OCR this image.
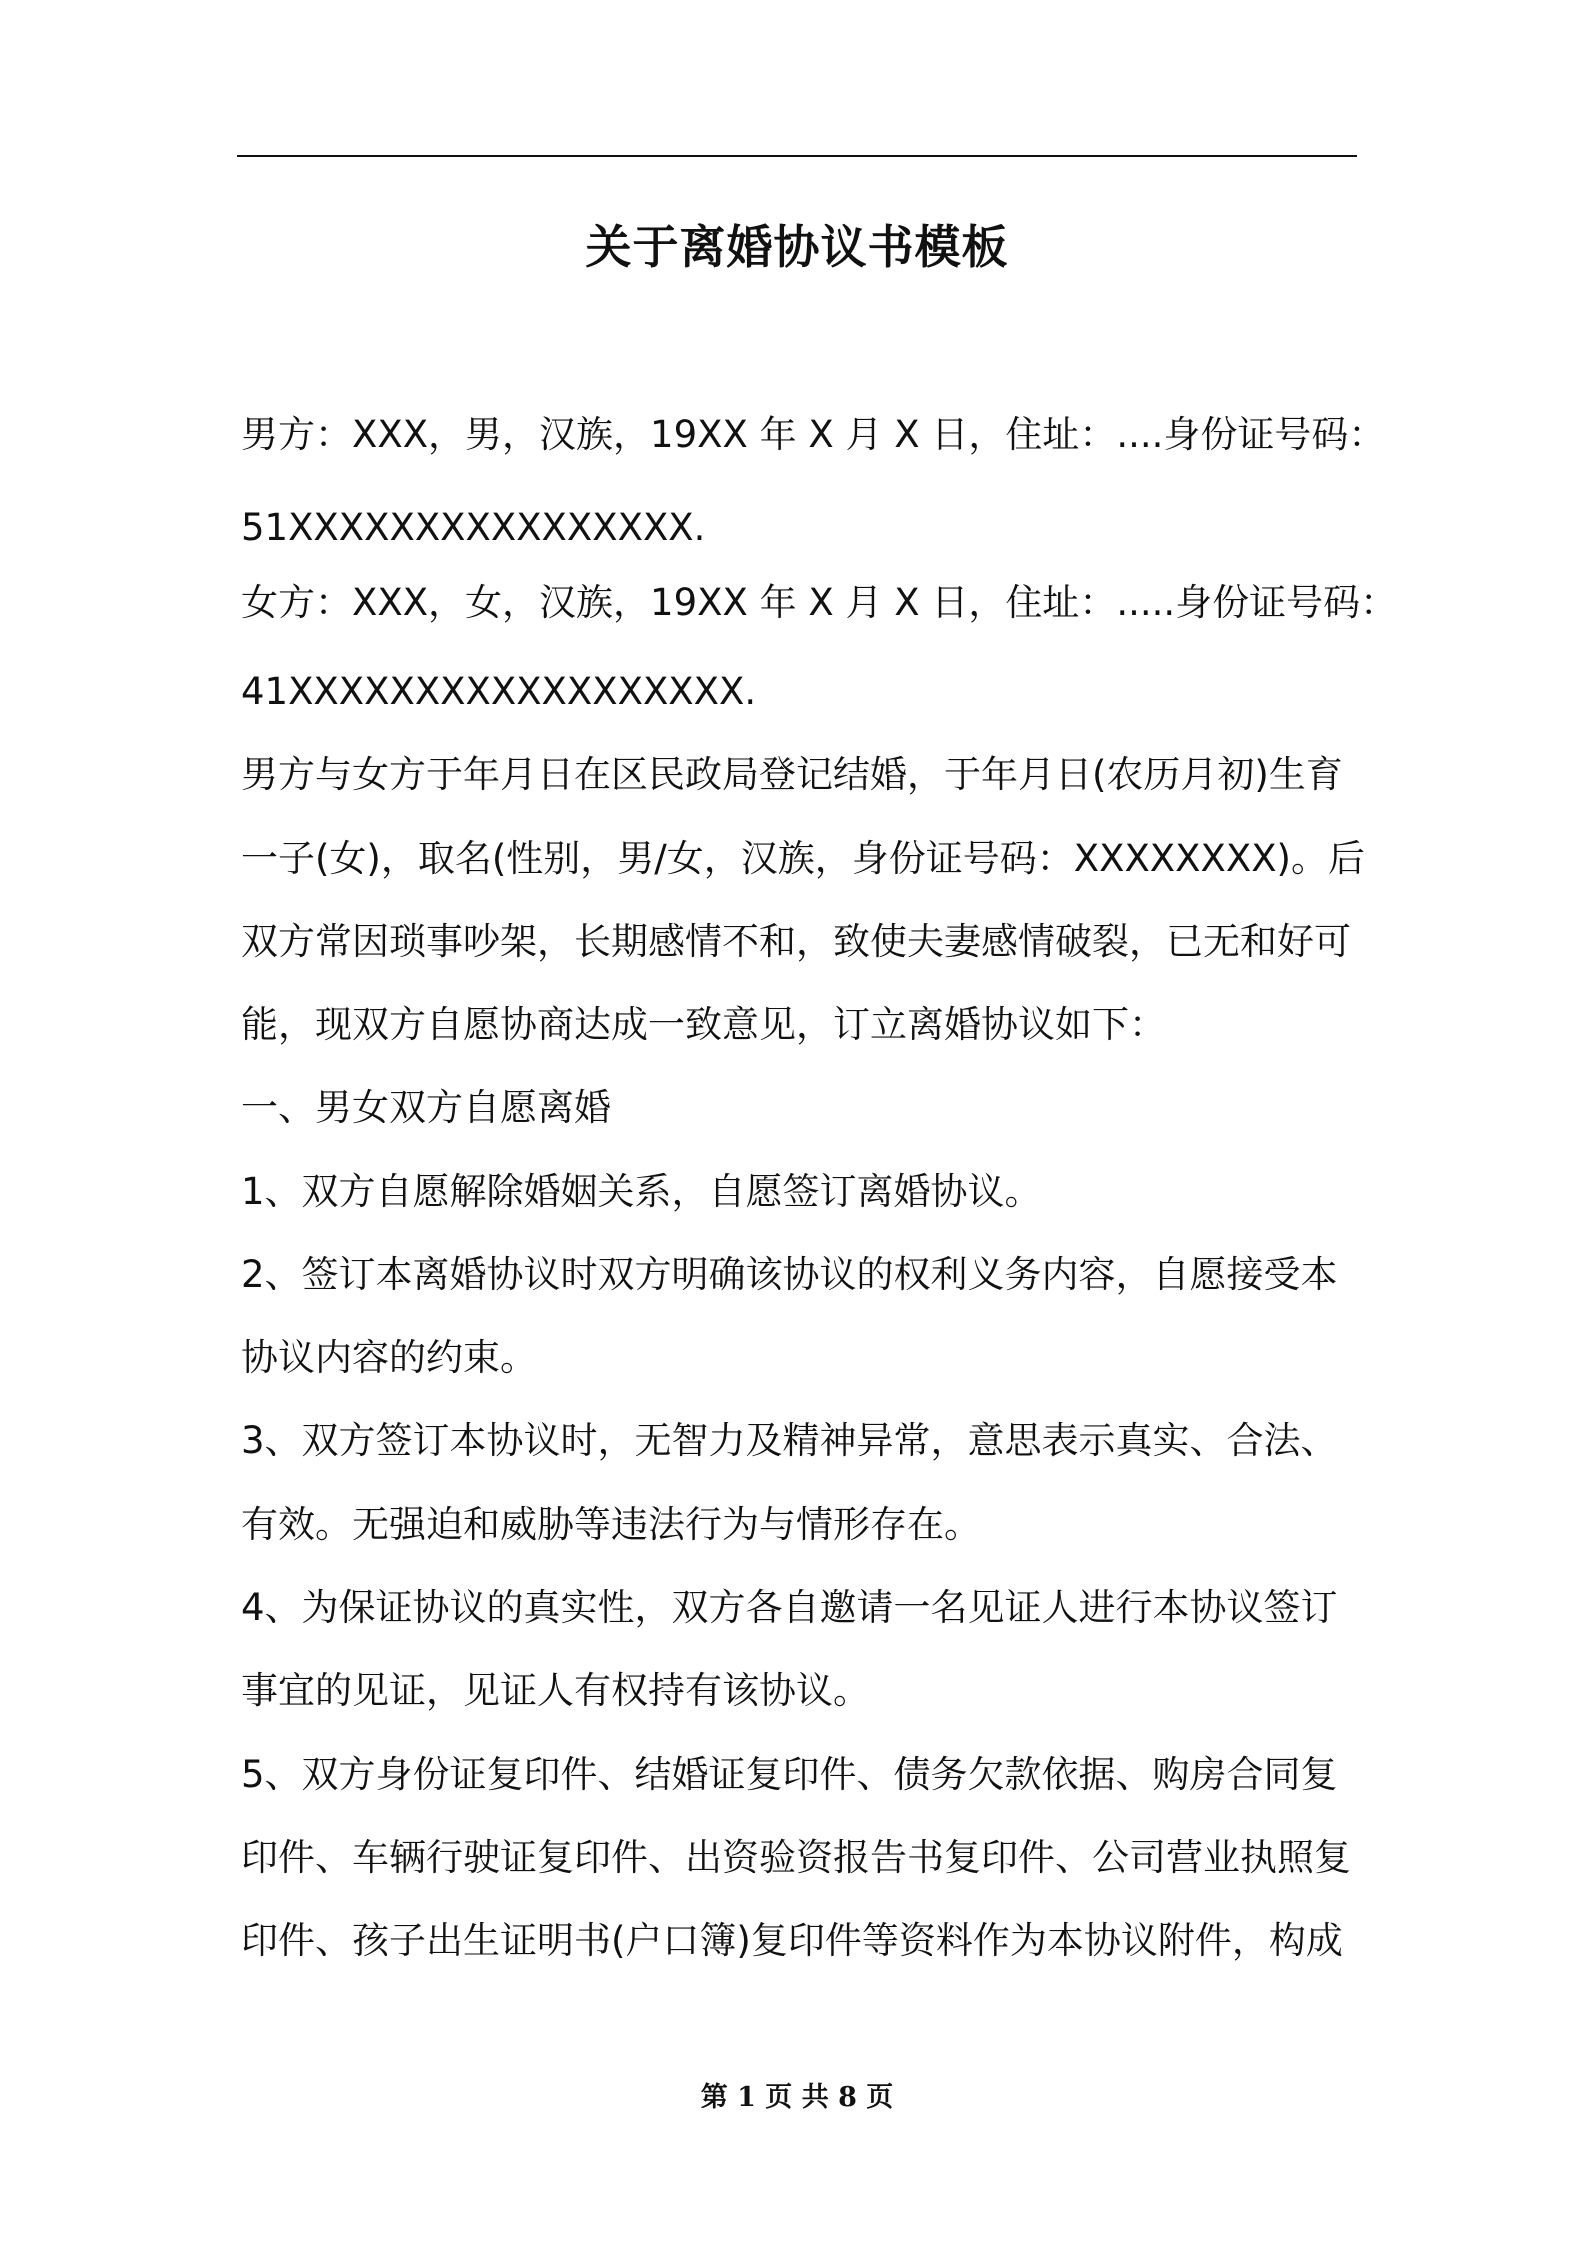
关于离婚协议书模板
男方：XXX，男，汉族，19XX 年 X 月 X 日，住址：....身份证号码：
51XXXXXXXXXXXXXXXX.
女方：XXX，女，汉族，19XX 年 X 月 X 日，住址：.....身份证号码：
41XXXXXXXXXXXXXXXXXX.
男方与女方于年月日在区民政局登记结婚，于年月日(农历月初)生育
一子(女)，取名(性别，男/女，汉族，身份证号码：XXXXXXXX)。后
双方常因琐事吵架，长期感情不和，致使夫妻感情破裂，已无和好可
能，现双方自愿协商达成一致意见，订立离婚协议如下：
一、男女双方自愿离婚
1、双方自愿解除婚姻关系，自愿签订离婚协议。
2、签订本离婚协议时双方明确该协议的权利义务内容，自愿接受本
协议内容的约束。
3、双方签订本协议时，无智力及精神异常，意思表示真实、合法、
有效。无强迫和威胁等违法行为与情形存在。
4、为保证协议的真实性，双方各自邀请一名见证人进行本协议签订
事宜的见证，见证人有权持有该协议。
5、双方身份证复印件、结婚证复印件、债务欠款依据、购房合同复
印件、车辆行驶证复印件、出资验资报告书复印件、公司营业执照复
印件、孩子出生证明书(户口簿)复印件等资料作为本协议附件，构成
第 1 页 共 8 页
